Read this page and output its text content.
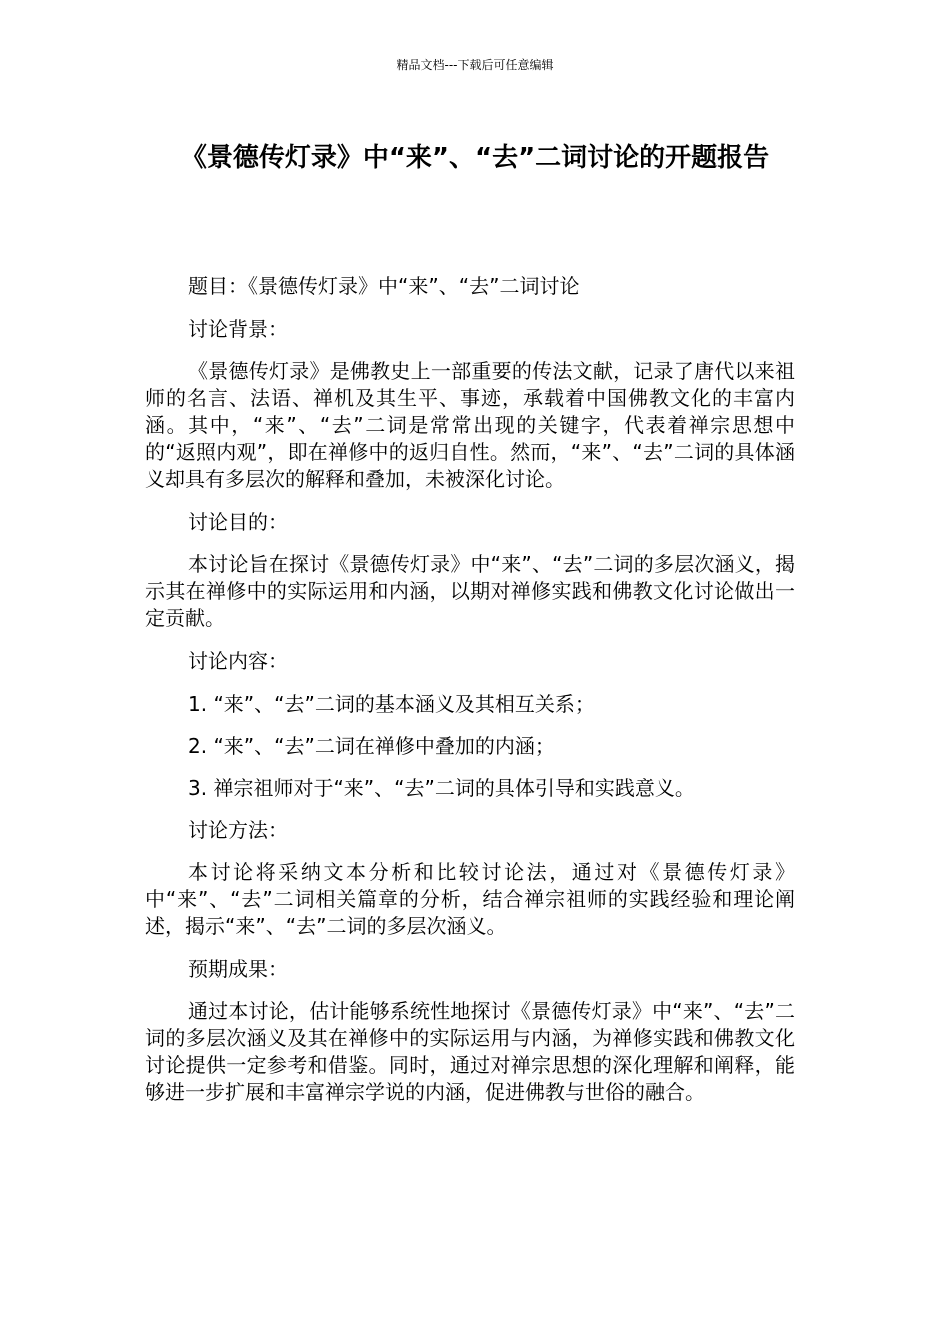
精品文档---下载后可任意编辑
《景德传灯录》中“来”、“去”二词讨论的开题报告

题目：《景德传灯录》中“来”、“去”二词讨论

讨论背景：

《景德传灯录》是佛教史上一部重要的传法文献，记录了唐代以来祖师的名言、法语、禅机及其生平、事迹，承载着中国佛教文化的丰富内涵。其中，“来”、“去”二词是常常出现的关键字，代表着禅宗思想中的“返照内观”，即在禅修中的返归自性。然而，“来”、“去”二词的具体涵义却具有多层次的解释和叠加，未被深化讨论。

讨论目的：

本讨论旨在探讨《景德传灯录》中“来”、“去”二词的多层次涵义，揭示其在禅修中的实际运用和内涵，以期对禅修实践和佛教文化讨论做出一定贡献。

讨论内容：

1. “来”、“去”二词的基本涵义及其相互关系；

2. “来”、“去”二词在禅修中叠加的内涵；

3. 禅宗祖师对于“来”、“去”二词的具体引导和实践意义。

讨论方法：

本讨论将采纳文本分析和比较讨论法，通过对《景德传灯录》中“来”、“去”二词相关篇章的分析，结合禅宗祖师的实践经验和理论阐述，揭示“来”、“去”二词的多层次涵义。

预期成果：

通过本讨论，估计能够系统性地探讨《景德传灯录》中“来”、“去”二词的多层次涵义及其在禅修中的实际运用与内涵，为禅修实践和佛教文化讨论提供一定参考和借鉴。同时，通过对禅宗思想的深化理解和阐释，能够进一步扩展和丰富禅宗学说的内涵，促进佛教与世俗的融合。
